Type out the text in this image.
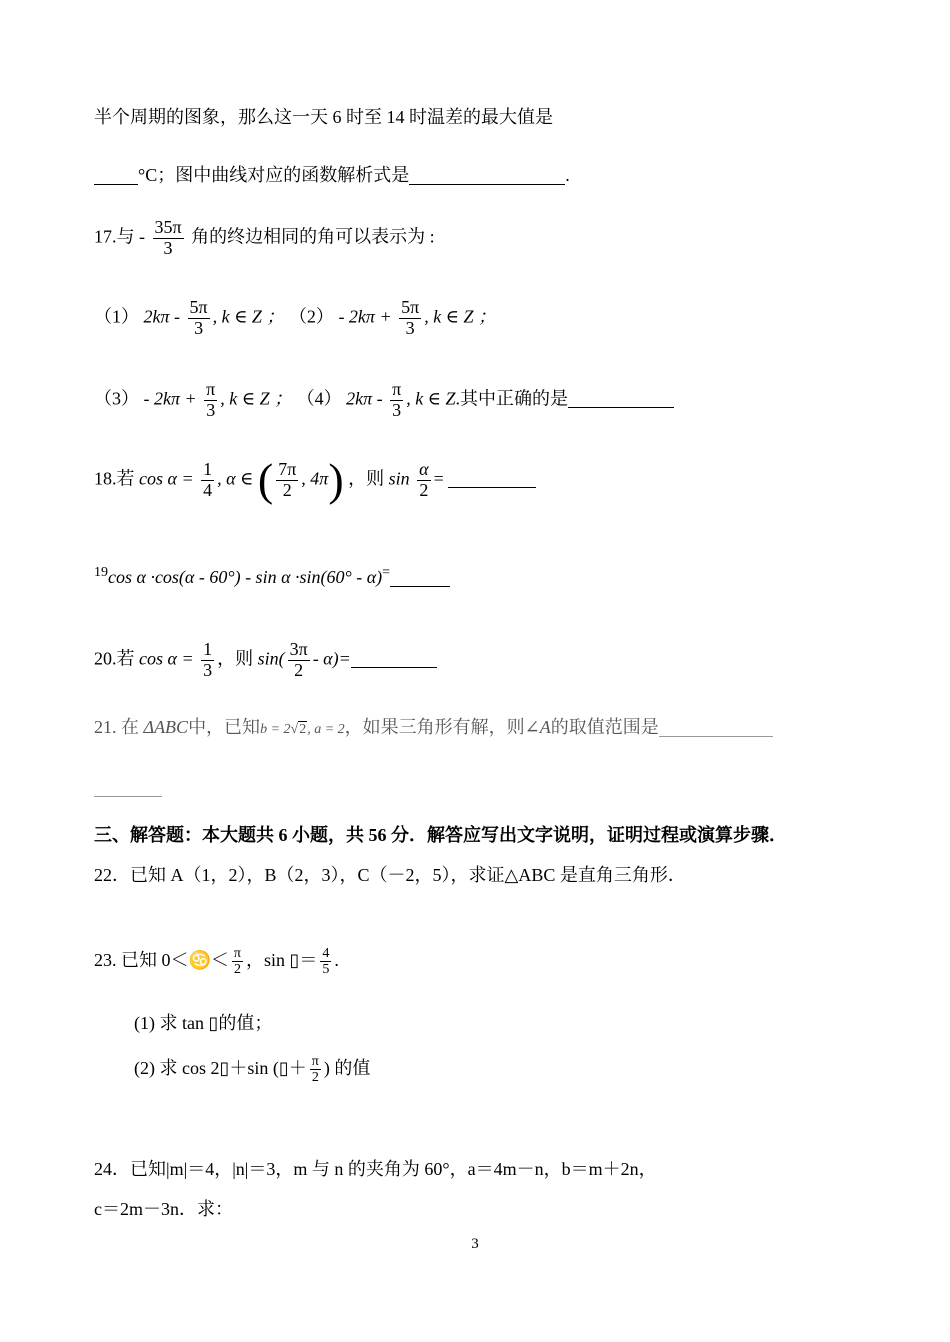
半个周期的图象，那么这一天 6 时至 14 时温差的最大值是
°C；图中曲线对应的函数解析式是	.
17.与 - $\frac{35\pi}{3}$ 角的终边相同的角可以表示为 :
（1） $2k\pi - \frac{5\pi}{3}$ , k ∈ Z ； $(2) - 2k\pi + \frac{5\pi}{3}$ , k ∈ Z ；
$(3) - 2k\pi + \frac{\pi}{3}$ , k ∈ Z ； （4） $2k\pi - \frac{\pi}{3}$ , k ∈ Z.其中正确的是
18.若 $\cos \alpha = \frac{1}{4}$ , α ∈ ( $\frac{7\pi}{2}$ , 4π) ，则 $\sin \frac{\alpha}{2}$ =
$^{19}$cos α ·cos(α - 60°) - sin α ·sin(60° - α)=
20.若 $\cos \alpha = \frac{1}{3}$ ，则 $\sin( \frac{3\pi}{2} - \alpha)=$
21. 在 ΔABC中，已知b = 2√2, a = 2，如果三角形有解，则∠A的取值范围是
三、解答题：本大题共 6 小题，共 56 分．解答应写出文字说明，证明过程或演算步骤．
22．已知 A（1，2），B（2，3），C（－2，5），求证△ABC 是直角三角形．
23. 已知 0＜♋＜ $\frac{\pi}{2}$ ，sin ▯＝ $\frac{4}{5}$ .
(1) 求 tan ▯的值；
(2) 求 cos 2▯＋sin (▯＋ $\frac{\pi}{2}$ ) 的值
24．已知|m|＝4，|n|＝3，m 与 n 的夹角为 60°，a＝4m－n，b＝m＋2n，
c＝2m－3n．求：
3
